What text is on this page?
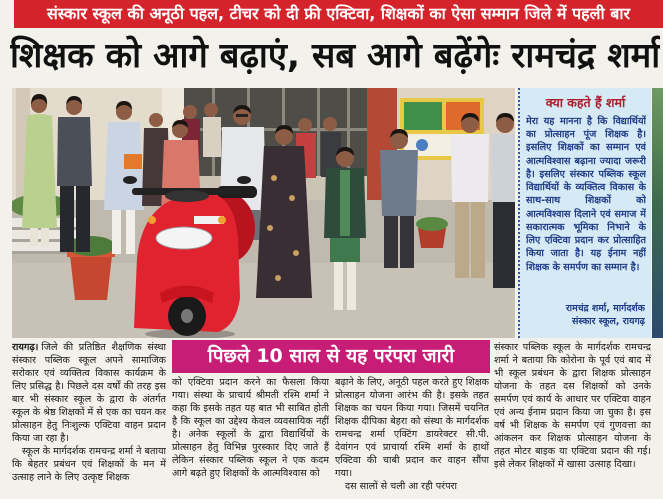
संस्कार स्कूल की अनूठी पहल, टीचर को दी फ्री एक्टिवा, शिक्षकों का ऐसा सम्मान जिले में पहली बार
शिक्षक को आगे बढ़ाएं, सब आगे बढ़ेंगेः रामचंद्र शर्मा
क्या कहते हैं शर्मा
मेरा यह मानना है कि विद्यार्थियों का प्रोत्साहन पूंज शिक्षक है। इसलिए शिक्षकों का सम्मान एवं आत्मविश्वास बढ़ाना ज्यादा जरूरी है। इसलिए संस्कार पब्लिक स्कूल विद्यार्थियों के व्यक्तित्व विकास के साथ-साथ शिक्षकों को आत्मविश्वास दिलाने एवं समाज में सकारात्मक भूमिका निभाने के लिए एक्टिवा प्रदान कर प्रोत्साहित किया जाता है। यह ईनाम नहीं शिक्षक के समर्पण का सम्मान है।
रामचंद्र शर्मा, मार्गदर्शक
संस्कार स्कूल, रायगढ़
पिछले 10 साल से यह परंपरा जारी

रायगढ़। जिले की प्रतिष्ठित शैक्षणिक संस्था संस्कार पब्लिक स्कूल अपने सामाजिक सरोकार एवं व्यक्तित्व विकास कार्यक्रम के लिए प्रसिद्ध है। पिछले दस वर्षों की तरह इस बार भी संस्कार स्कूल के द्वारा के अंतर्गत स्कूल के श्रेष्ठ शिक्षकों में से एक का चयन कर प्रोत्साहन हेतु निःशुल्क एक्टिवा वाहन प्रदान किया जा रहा है।

स्कूल के मार्गदर्शक रामचन्द्र शर्मा ने बताया कि बेहतर प्रबंधन एवं शिक्षकों के मन में उत्साह लाने के लिए उत्कृष्ट शिक्षक

को एक्टिवा प्रदान करने का फैसला किया गया। संस्था के प्राचार्य श्रीमती रश्मि शर्मा ने कहा कि इसके तहत यह बात भी साबित होती है कि स्कूल का उद्देश्य केवल व्यवसायिक नहीं है। अनेक स्कूलों के द्वारा विद्यार्थियों के प्रोत्साहन हेतु विभिन्न पुरस्कार दिए जाते हैं लेकिन संस्कार पब्लिक स्कूल ने एक कदम आगे बढ़ते हुए शिक्षकों के आत्मविश्वास को

बढ़ाने के लिए, अनूठी पहल करते हुए शिक्षक प्रोत्साहन योजना आरंभ की है। इसके तहत शिक्षक का चयन किया गया। जिसमें चयनित शिक्षक दीपिका बेहरा को संस्था के मार्गदर्शक रामचन्द्र शर्मा एक्टिंग डायरेक्टर सी.पी. देवांगन एवं प्राचार्या रश्मि शर्मा के हाथों एक्टिवा की चाबी प्रदान कर वाहन सौंपा गया।

दस सालों से चली आ रही परंपरा

संस्कार पब्लिक स्कूल के मार्गदर्शक रामचन्द्र शर्मा ने बताया कि कोरोना के पूर्व एवं बाद में भी स्कूल प्रबंधन के द्वारा शिक्षक प्रोत्साहन योजना के तहत दस शिक्षकों को उनके समर्पण एवं कार्य के आधार पर एक्टिवा वाहन एवं अन्य ईनाम प्रदान किया जा चुका है। इस वर्ष भी शिक्षक के समर्पण एवं गुणवत्ता का आंकलन कर शिक्षक प्रोत्साहन योजना के तहत मोटर बाइक या एक्टिवा प्रदान की गई। इसे लेकर शिक्षकों में खासा उत्साह दिखा।
